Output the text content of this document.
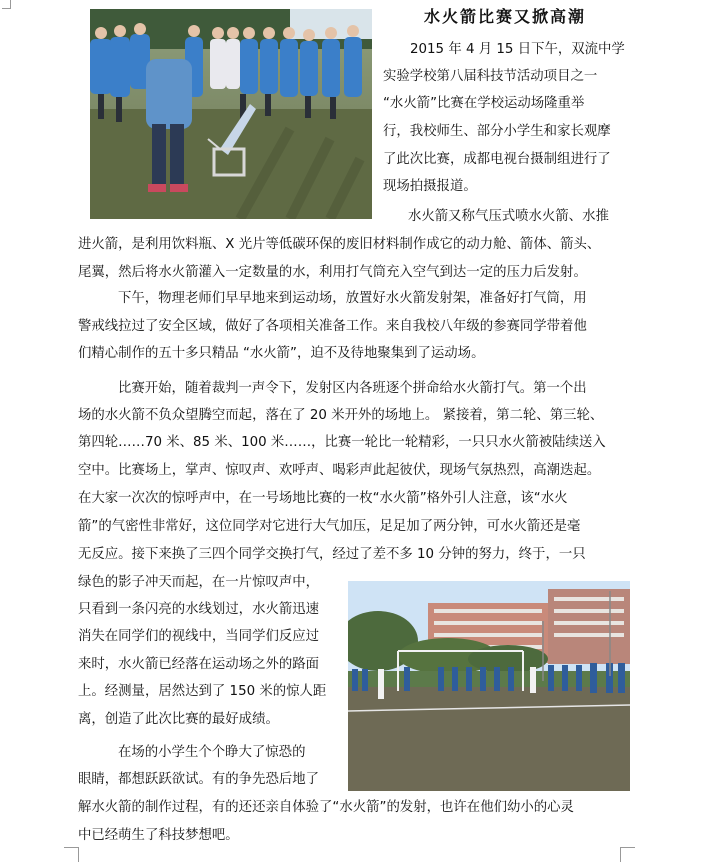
水火箭比赛又掀高潮
2015 年 4 月 15 日下午，双流中学
实验学校第八届科技节活动项目之一
“水火箭”比赛在学校运动场隆重举
行，我校师生、部分小学生和家长观摩
了此次比赛，成都电视台摄制组进行了
现场拍摄报道。
水火箭又称气压式喷水火箭、水推
进火箭，是利用饮料瓶、X 光片等低碳环保的废旧材料制作成它的动力舱、箭体、箭头、
尾翼，然后将水火箭灌入一定数量的水，利用打气筒充入空气到达一定的压力后发射。
下午，物理老师们早早地来到运动场，放置好水火箭发射架，准备好打气筒，用
警戒线拉过了安全区域，做好了各项相关准备工作。来自我校八年级的参赛同学带着他
们精心制作的五十多只精品 “水火箭”，迫不及待地聚集到了运动场。
比赛开始，随着裁判一声令下，发射区内各班逐个拼命给水火箭打气。第一个出
场的水火箭不负众望腾空而起，落在了 20 米开外的场地上。 紧接着，第二轮、第三轮、
第四轮……70 米、85 米、100 米……，比赛一轮比一轮精彩，一只只水火箭被陆续送入
空中。比赛场上，掌声、惊叹声、欢呼声、喝彩声此起彼伏，现场气氛热烈，高潮迭起。
在大家一次次的惊呼声中，在一号场地比赛的一枚“水火箭”格外引人注意，该“水火
箭”的气密性非常好，这位同学对它进行大气加压，足足加了两分钟，可水火箭还是毫
无反应。接下来换了三四个同学交换打气，经过了差不多 10 分钟的努力，终于，一只
绿色的影子冲天而起，在一片惊叹声中，
只看到一条闪亮的水线划过，水火箭迅速
消失在同学们的视线中，当同学们反应过
来时，水火箭已经落在运动场之外的路面
上。经测量，居然达到了 150 米的惊人距
离，创造了此次比赛的最好成绩。
在场的小学生个个睁大了惊恐的
眼睛，都想跃跃欲试。有的争先恐后地了
解水火箭的制作过程，有的还还亲自体验了“水火箭”的发射，也许在他们幼小的心灵
中已经萌生了科技梦想吧。
